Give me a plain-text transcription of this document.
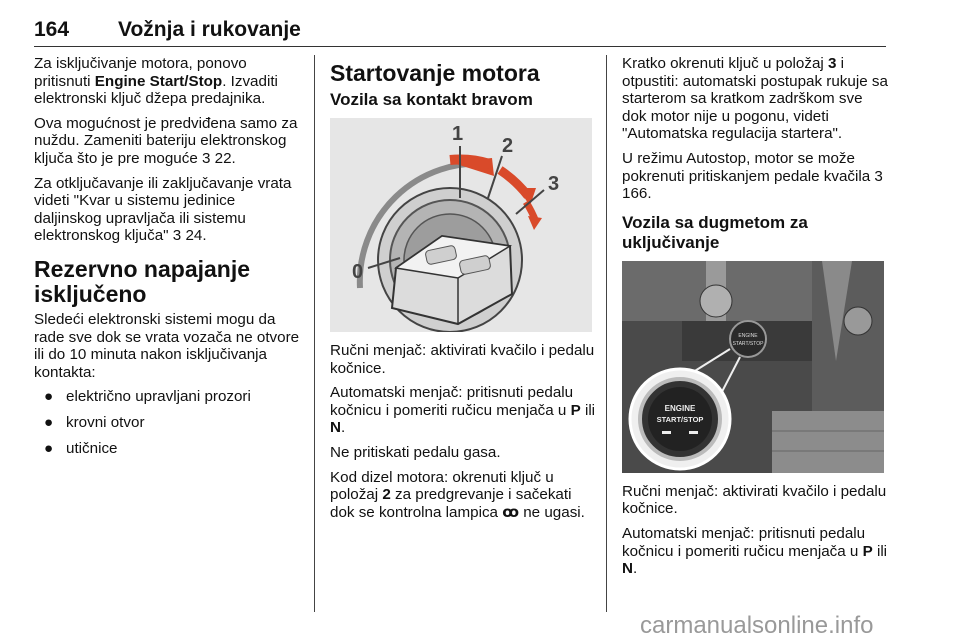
164 Vožnja i rukovanje

Za isključivanje motora, ponovo pritisnuti Engine Start/Stop. Izvaditi elektronski ključ džepa predajnika.

Ova mogućnost je predviđena samo za nuždu. Zameniti bateriju elektronskog ključa što je pre moguće 3 22.

Za otključavanje ili zaključavanje vrata videti "Kvar u sistemu jedinice daljinskog upravljača ili sistemu elektronskog ključa" 3 24.

Rezervno napajanje isključeno

Sledeći elektronski sistemi mogu da rade sve dok se vrata vozača ne otvore ili do 10 minuta nakon isključivanja kontakta:

● električno upravljani prozori
● krovni otvor
● utičnice
Startovanje motora
Vozila sa kontakt bravom
0
1
2
3

Ručni menjač: aktivirati kvačilo i pedalu kočnice.

Automatski menjač: pritisnuti pedalu kočnicu i pomeriti ručicu menjača u P ili N.

Ne pritiskati pedalu gasa.

Kod dizel motora: okrenuti ključ u položaj 2 za predgrevanje i sačekati dok se kontrolna lampica ꝏ ne ugasi.

Kratko okrenuti ključ u položaj 3 i otpustiti: automatski postupak rukuje sa starterom sa kratkom zadrškom sve dok motor nije u pogonu, videti "Automatska regulacija startera".

U režimu Autostop, motor se može pokrenuti pritiskanjem pedale kvačila 3 166.

Vozila sa dugmetom za uključivanje
ENGINE
START/STOP
ENGINE
START/STOP

Ručni menjač: aktivirati kvačilo i pedalu kočnice.

Automatski menjač: pritisnuti pedalu kočnicu i pomeriti ručicu menjača u P ili N.

carmanualsonline.info
